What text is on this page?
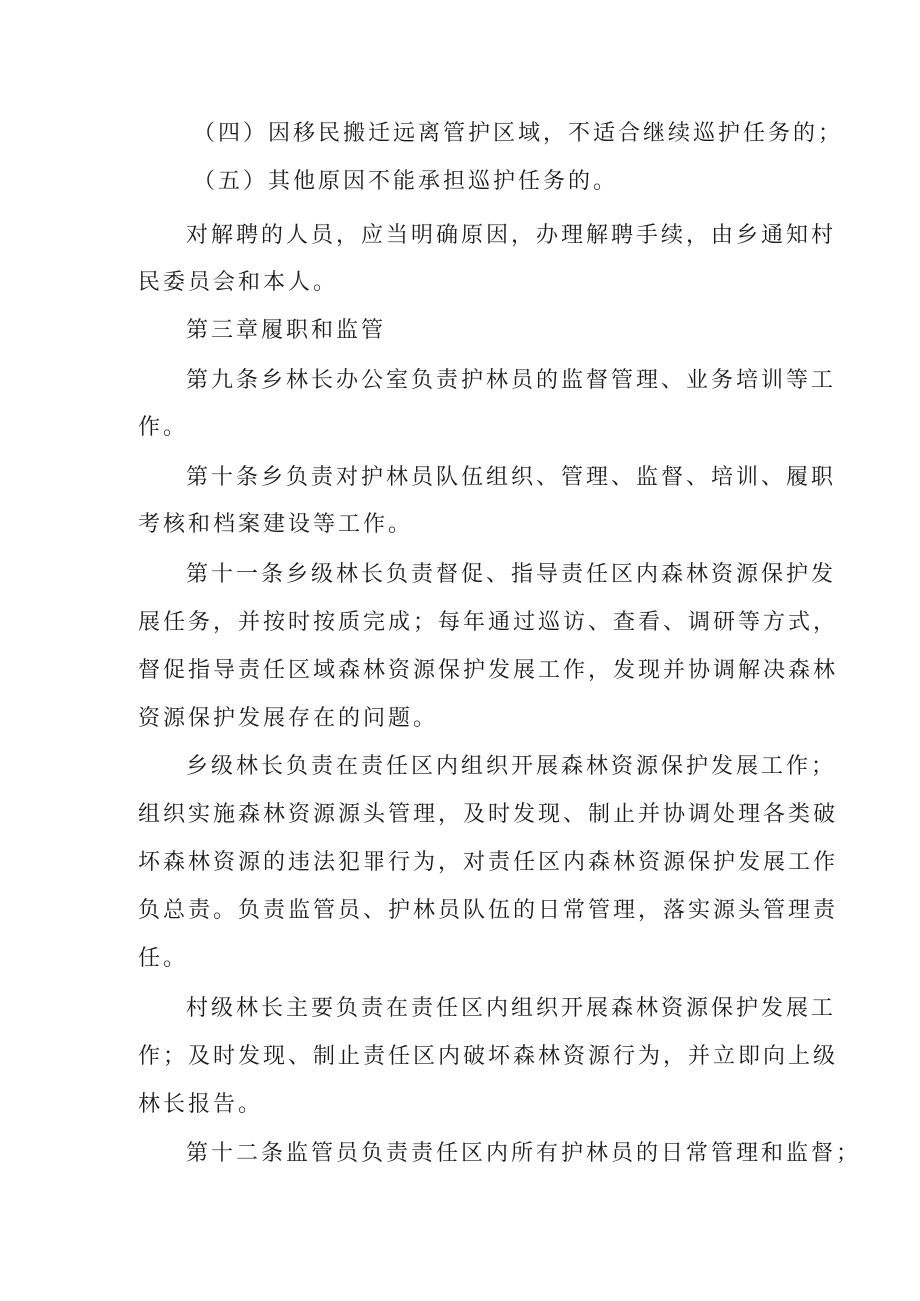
（四）因移民搬迁远离管护区域，不适合继续巡护任务的；
（五）其他原因不能承担巡护任务的。
对解聘的人员，应当明确原因，办理解聘手续，由乡通知村
民委员会和本人。
第三章履职和监管
第九条乡林长办公室负责护林员的监督管理、业务培训等工
作。
第十条乡负责对护林员队伍组织、管理、监督、培训、履职
考核和档案建设等工作。
第十一条乡级林长负责督促、指导责任区内森林资源保护发
展任务，并按时按质完成；每年通过巡访、查看、调研等方式，
督促指导责任区域森林资源保护发展工作，发现并协调解决森林
资源保护发展存在的问题。
乡级林长负责在责任区内组织开展森林资源保护发展工作；
组织实施森林资源源头管理，及时发现、制止并协调处理各类破
坏森林资源的违法犯罪行为，对责任区内森林资源保护发展工作
负总责。负责监管员、护林员队伍的日常管理，落实源头管理责
任。
村级林长主要负责在责任区内组织开展森林资源保护发展工
作；及时发现、制止责任区内破坏森林资源行为，并立即向上级
林长报告。
第十二条监管员负责责任区内所有护林员的日常管理和监督；
